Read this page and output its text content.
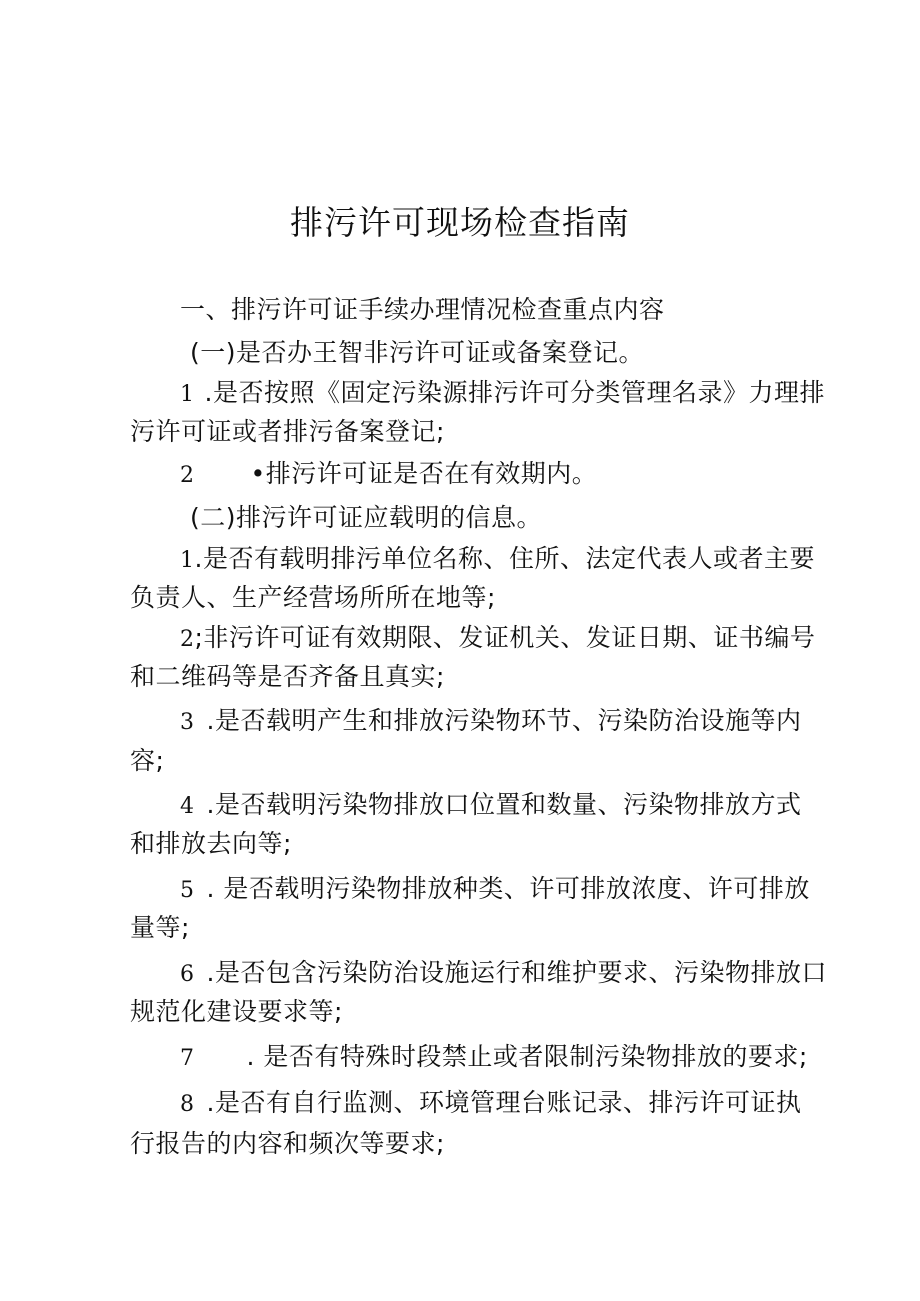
排污许可现场检查指南
一、排污许可证手续办理情况检查重点内容
(一)是否办王智非污许可证或备案登记。
1 .是否按照《固定污染源排污许可分类管理名录》力理排
污许可证或者排污备案登记;
2 •排污许可证是否在有效期内。
(二)排污许可证应载明的信息。
1.是否有载明排污单位名称、住所、法定代表人或者主要
负责人、生产经营场所所在地等;
2;非污许可证有效期限、发证机关、发证日期、证书编号
和二维码等是否齐备且真实;
3 .是否载明产生和排放污染物环节、污染防治设施等内
容;
4 .是否载明污染物排放口位置和数量、污染物排放方式
和排放去向等;
5 . 是否载明污染物排放种类、许可排放浓度、许可排放
量等;
6 .是否包含污染防治设施运行和维护要求、污染物排放口
规范化建设要求等;
7 . 是否有特殊时段禁止或者限制污染物排放的要求;
8 .是否有自行监测、环境管理台账记录、排污许可证执
行报告的内容和频次等要求;
